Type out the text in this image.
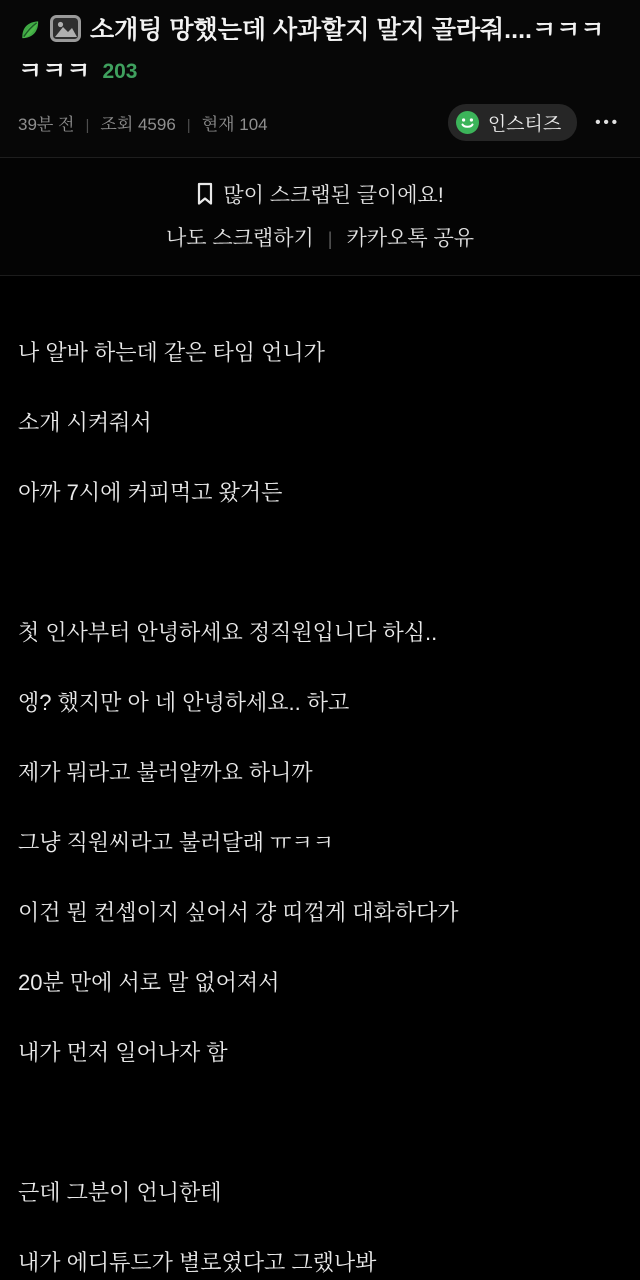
소개팅 망했는데 사과할지 말지 골라줘....ㅋㅋㅋㅋㅋㅋ 203
39분 전 | 조회 4596 | 현재 104	인스티즈 •••
많이 스크랩된 글이에요!
나도 스크랩하기 | 카카오톡 공유

나 알바 하는데 같은 타임 언니가

소개 시켜줘서

아까 7시에 커피먹고 왔거든

첫 인사부터 안녕하세요 정직원입니다 하심..

엥? 했지만 아 네 안녕하세요.. 하고

제가 뭐라고 불러얄까요 하니까

그냥 직원씨라고 불러달래 ㅠㅋㅋ

이건 뭔 컨셉이지 싶어서 걍 띠껍게 대화하다가

20분 만에 서로 말 없어져서

내가 먼저 일어나자 함

근데 그분이 언니한테

내가 에디튜드가 별로였다고 그랬나봐
